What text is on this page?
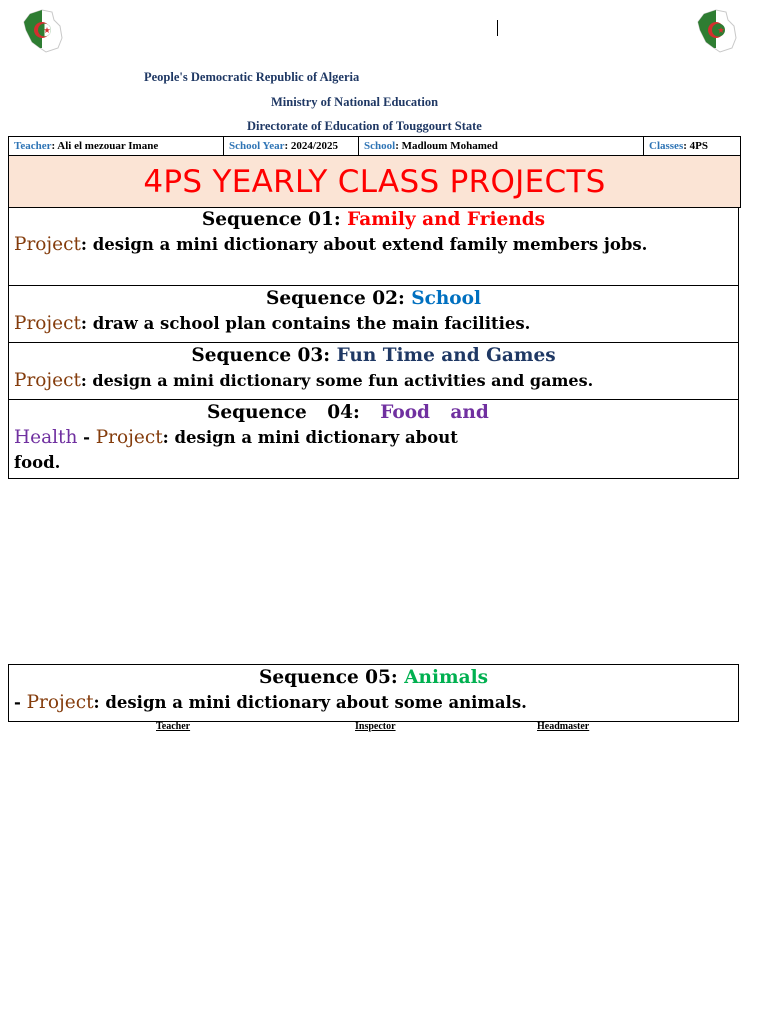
People's Democratic Republic of Algeria
Ministry of National Education
Directorate of Education of Touggourt State
Teacher: Ali el mezouar Imane	School Year: 2024/2025	School: Madloum Mohamed	Classes: 4PS
4PS YEARLY CLASS PROJECTS
Sequence 01: Family and Friends
Project: design a mini dictionary about extend family members jobs.
Sequence 02: School
Project: draw a school plan contains the main facilities.
Sequence 03: Fun Time and Games
Project: design a mini dictionary some fun activities and games.
Sequence 04: Food and
Health - Project: design a mini dictionary about
food.
Sequence 05: Animals
- Project: design a mini dictionary about some animals.
Teacher	Inspector	Headmaster
